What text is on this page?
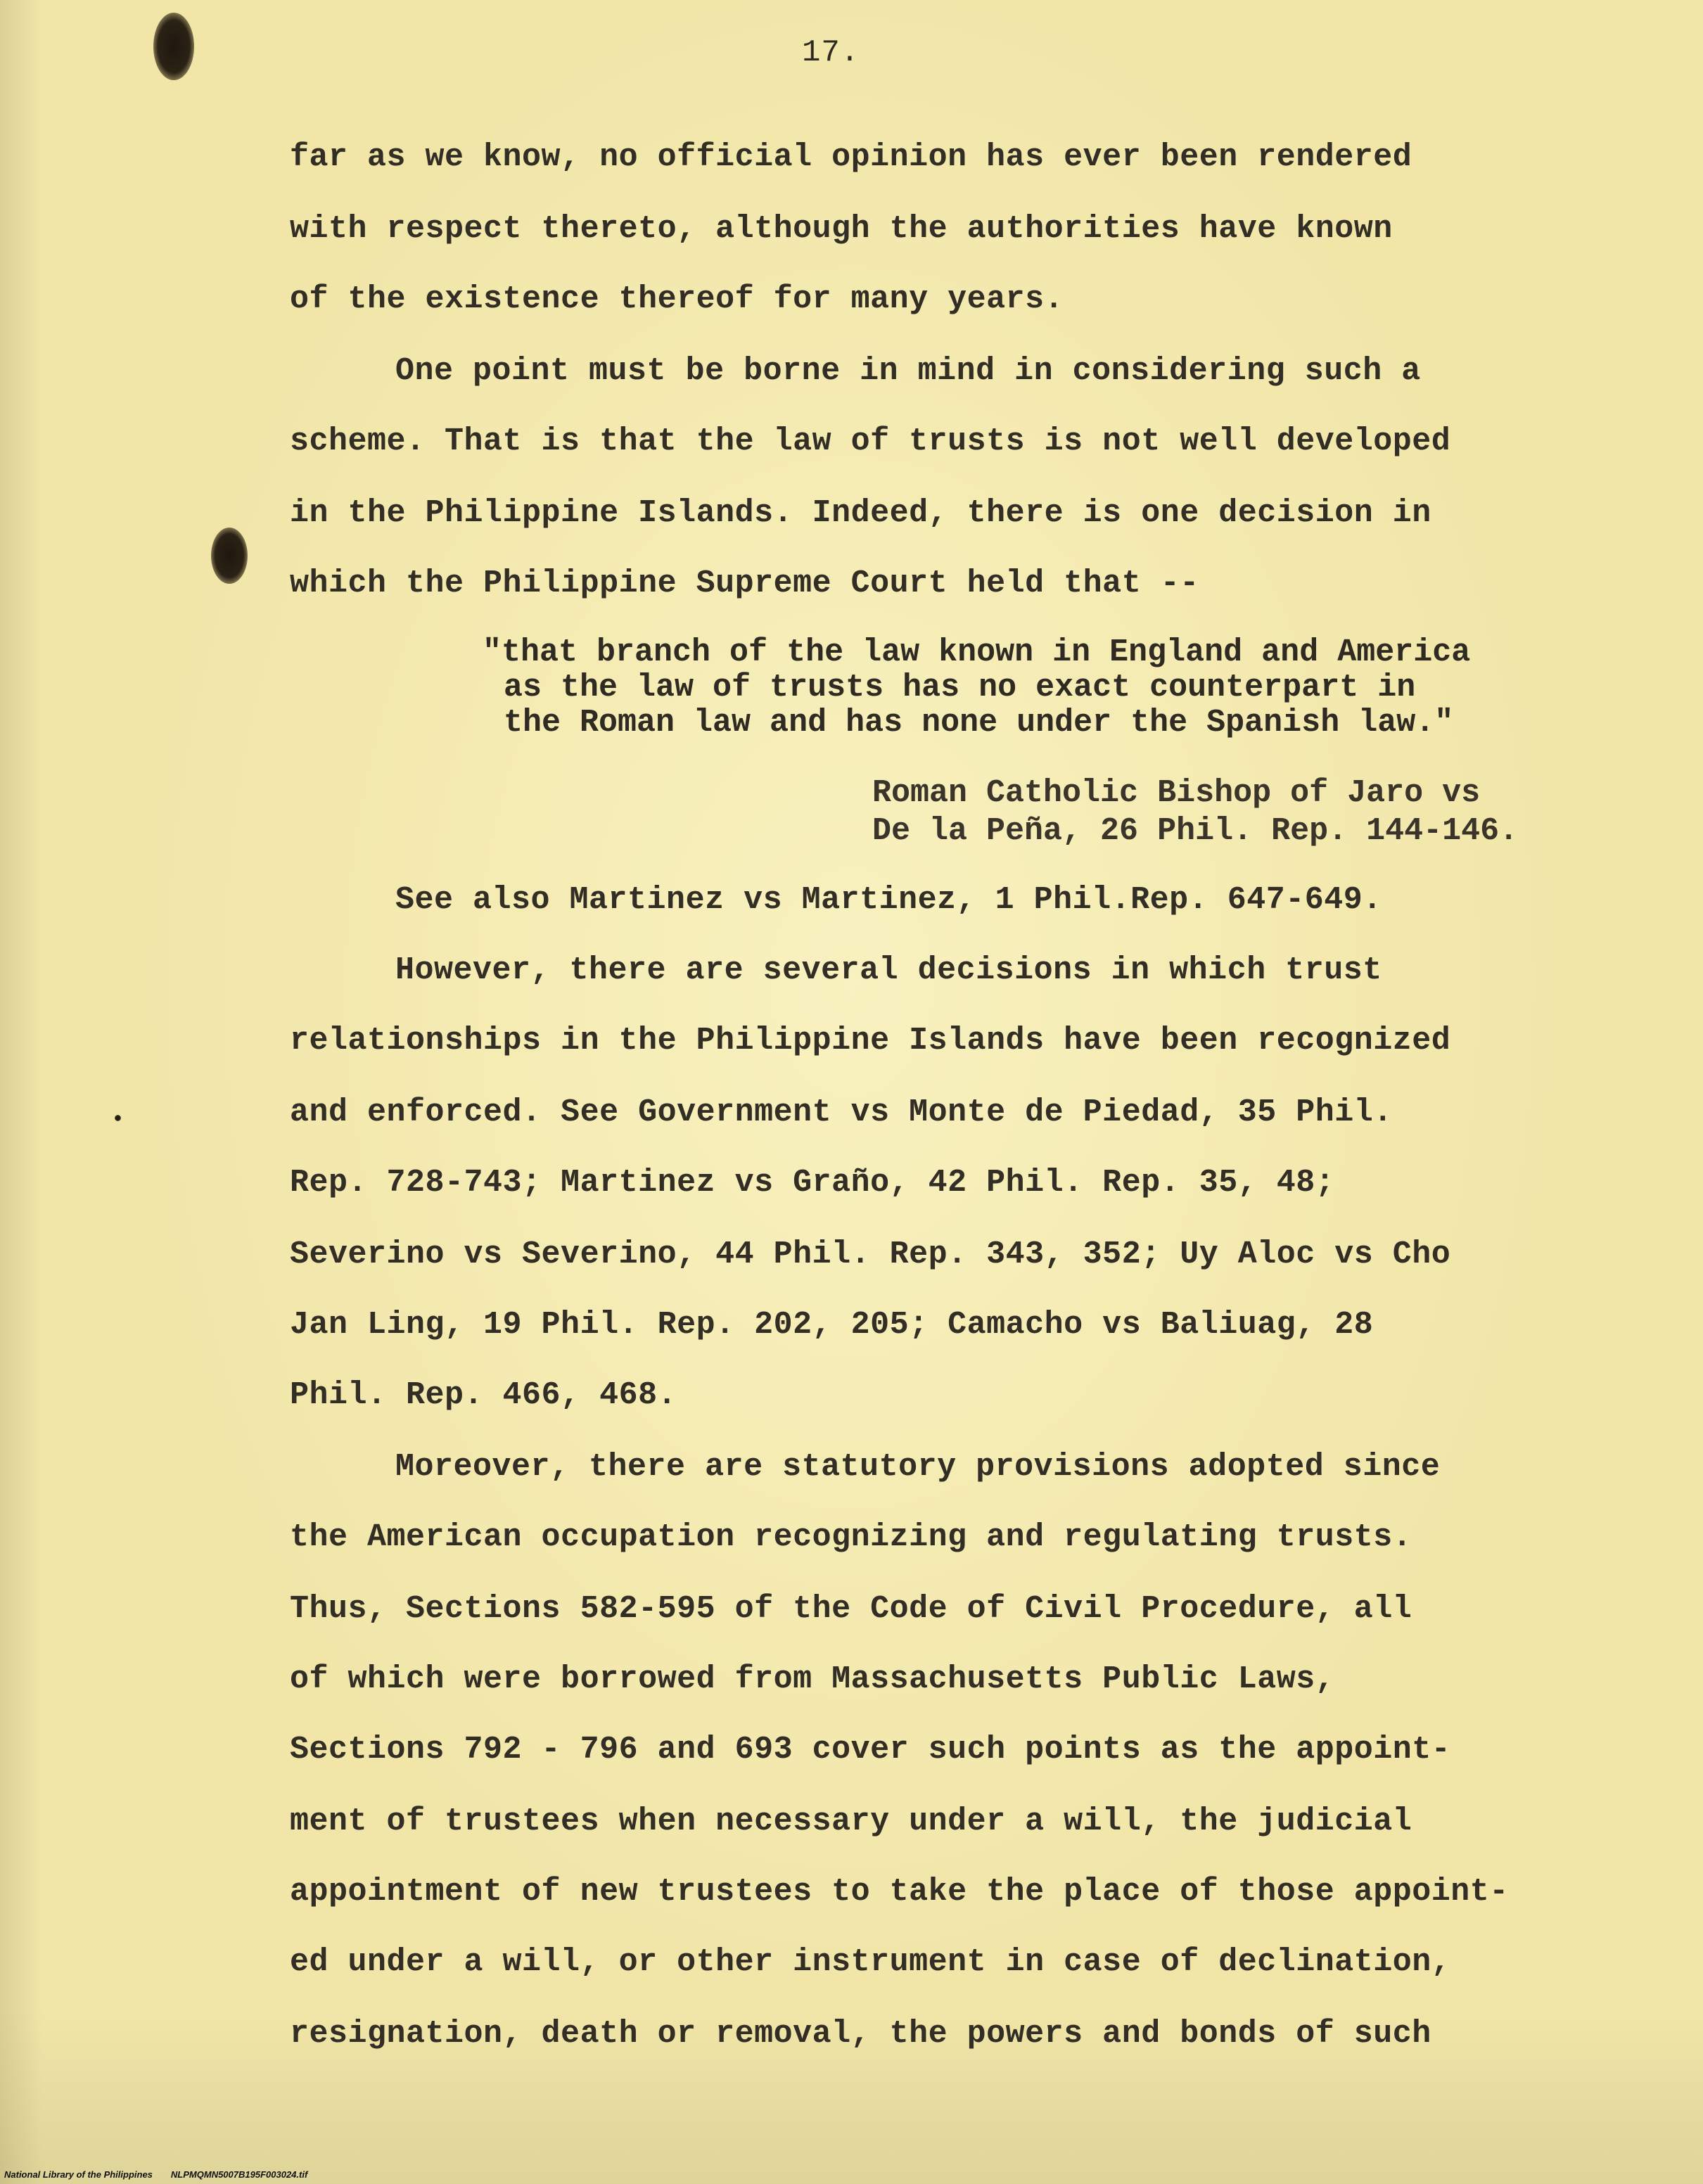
17.
far as we know, no official opinion has ever been rendered
with respect thereto, although the authorities have known
of the existence thereof for many years.
One point must be borne in mind in considering such a
scheme. That is that the law of trusts is not well developed
in the Philippine Islands. Indeed, there is one decision in
which the Philippine Supreme Court held that --
"that branch of the law known in England and America
as the law of trusts has no exact counterpart in
the Roman law and has none under the Spanish law."
Roman Catholic Bishop of Jaro vs
De la Peña, 26 Phil. Rep. 144-146.
See also Martinez vs Martinez, 1 Phil.Rep. 647-649.
However, there are several decisions in which trust
relationships in the Philippine Islands have been recognized
and enforced. See Government vs Monte de Piedad, 35 Phil.
Rep. 728-743; Martinez vs Graño, 42 Phil. Rep. 35, 48;
Severino vs Severino, 44 Phil. Rep. 343, 352; Uy Aloc vs Cho
Jan Ling, 19 Phil. Rep. 202, 205; Camacho vs Baliuag, 28
Phil. Rep. 466, 468.
Moreover, there are statutory provisions adopted since
the American occupation recognizing and regulating trusts.
Thus, Sections 582-595 of the Code of Civil Procedure, all
of which were borrowed from Massachusetts Public Laws,
Sections 792 - 796 and 693 cover such points as the appoint-
ment of trustees when necessary under a will, the judicial
appointment of new trustees to take the place of those appoint-
ed under a will, or other instrument in case of declination,
resignation, death or removal, the powers and bonds of such
National Library of the Philippines NLPMQMN5007B195F003024.tif
